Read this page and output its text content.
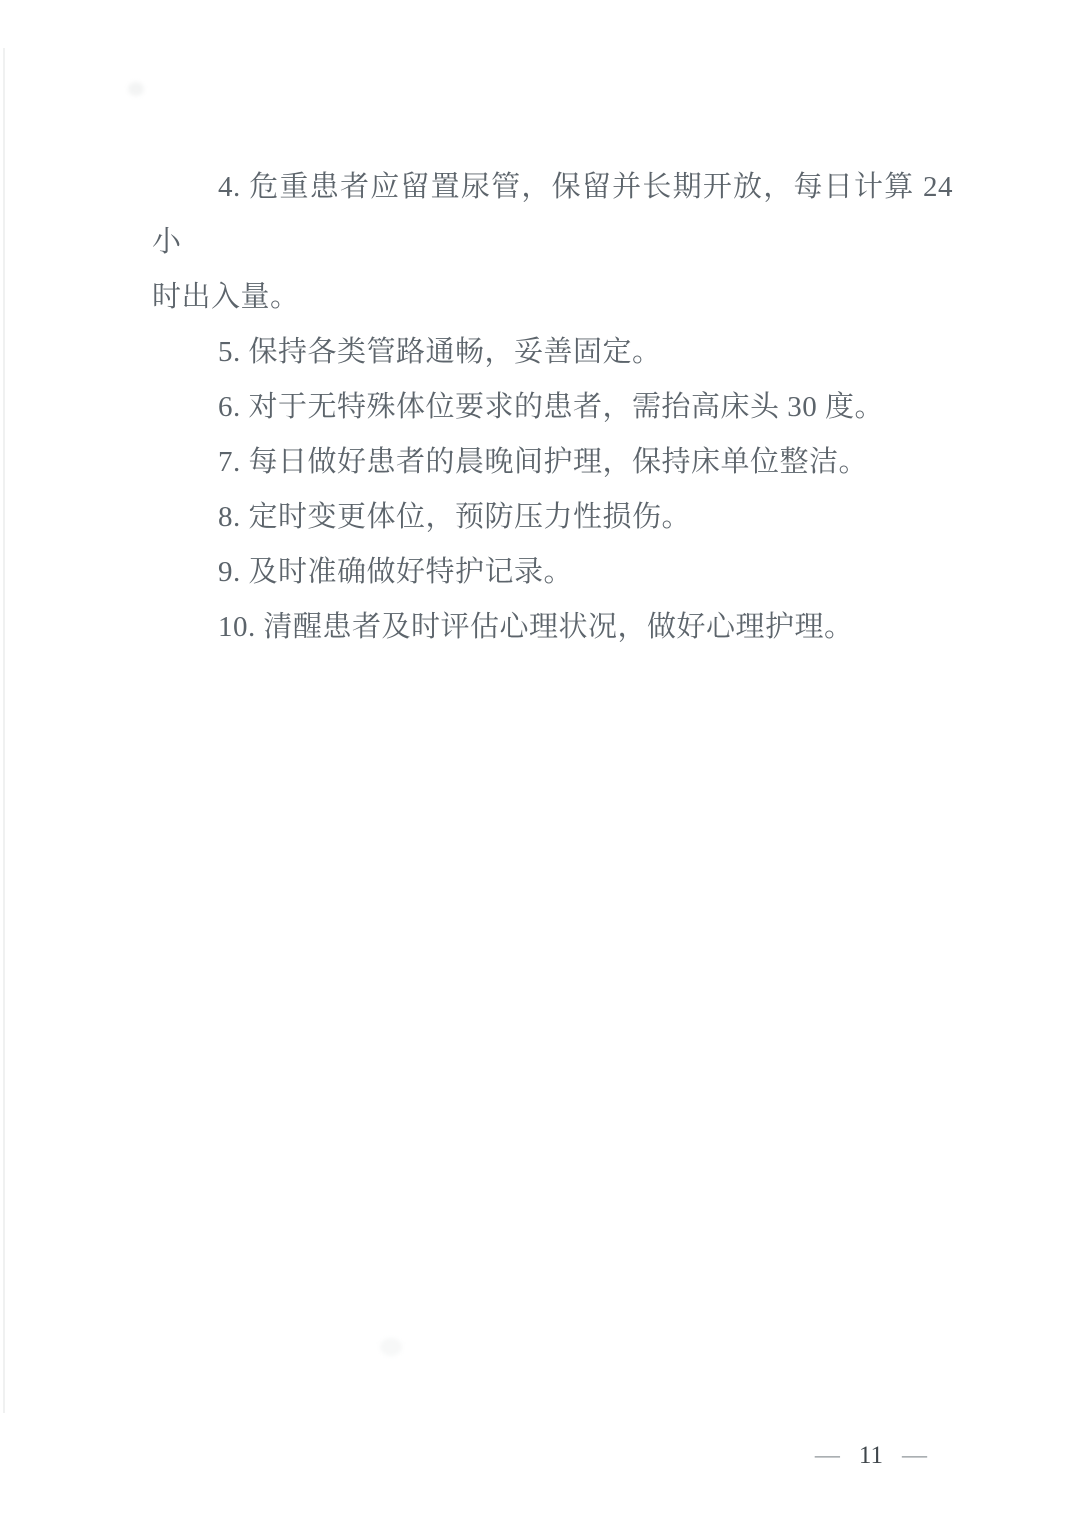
4. 危重患者应留置尿管，保留并长期开放，每日计算 24 小

时出入量。

5. 保持各类管路通畅，妥善固定。

6. 对于无特殊体位要求的患者，需抬高床头 30 度。

7. 每日做好患者的晨晚间护理，保持床单位整洁。

8. 定时变更体位，预防压力性损伤。

9. 及时准确做好特护记录。

10. 清醒患者及时评估心理状况，做好心理护理。

— 11 —
